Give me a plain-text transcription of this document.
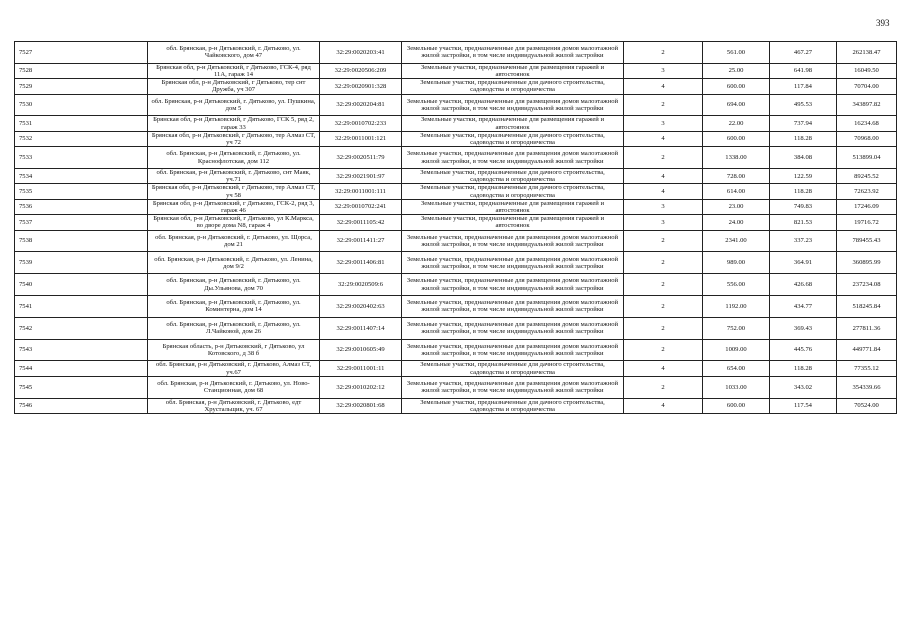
393
7527	обл. Брянская, р-н Дятьковский, г. Дятьково, ул. Чайковского, дом 47	32:29:0020203:41	Земельные участки, предназначенные для размещения домов малоэтажной жилой застройки, в том числе индивидуальной жилой застройки	2	561.00	467.27	262138.47
7528	Брянская обл, р-н Дятьковский, г Дятьково, ГСК-4, ряд 11А, гараж 14	32:29:0020506:209	Земельные участки, предназначенные для размещения гаражей и автостоянок	3	25.00	641.98	16049.50
7529	Брянская обл, р-н Дятьковский, г Дятьково, тер снт Дружба, уч 307	32:29:0020901:328	Земельные участки, предназначенные для дачного строительства, садоводства и огородничества	4	600.00	117.84	70704.00
7530	обл. Брянская, р-н Дятьковский, г. Дятьково, ул. Пушкина, дом 5	32:29:0020204:81	Земельные участки, предназначенные для размещения домов малоэтажной жилой застройки, в том числе индивидуальной жилой застройки	2	694.00	495.53	343897.82
7531	Брянская обл, р-н Дятьковский, г Дятьково, ГСК 5, ряд 2, гараж 33	32:29:0010702:233	Земельные участки, предназначенные для размещения гаражей и автостоянок	3	22.00	737.94	16234.68
7532	Брянская обл, р-н Дятьковский, г Дятьково, тер Алмаз СТ, уч 72	32:29:0011001:121	Земельные участки, предназначенные для дачного строительства, садоводства и огородничества	4	600.00	118.28	70968.00
7533	обл. Брянская, р-н Дятьковский, г. Дятьково, ул. Краснофлотская, дом 112	32:29:0020511:79	Земельные участки, предназначенные для размещения домов малоэтажной жилой застройки, в том числе индивидуальной жилой застройки	2	1338.00	384.08	513899.04
7534	обл. Брянская, р-н Дятьковский, г. Дятьково, снт Маяк, уч.71	32:29:0021901:97	Земельные участки, предназначенные для дачного строительства, садоводства и огородничества	4	728.00	122.59	89245.52
7535	Брянская обл, р-н Дятьковский, г Дятьково, тер Алмаз СТ, уч 58	32:29:0011001:111	Земельные участки, предназначенные для дачного строительства, садоводства и огородничества	4	614.00	118.28	72623.92
7536	Брянская обл, р-н Дятьковский, г Дятьково, ГСК-2, ряд 3, гараж 46	32:29:0010702:241	Земельные участки, предназначенные для размещения гаражей и автостоянок	3	23.00	749.83	17246.09
7537	Брянская обл, р-н Дятьковский, г Дятьково, ул К.Маркса, во дворе дома N8, гараж 4	32:29:0011105:42	Земельные участки, предназначенные для размещения гаражей и автостоянок	3	24.00	821.53	19716.72
7538	обл. Брянская, р-н Дятьковский, г. Дятьково, ул. Щорса, дом 21	32:29:0011411:27	Земельные участки, предназначенные для размещения домов малоэтажной жилой застройки, в том числе индивидуальной жилой застройки	2	2341.00	337.23	789455.43
7539	обл. Брянская, р-н Дятьковский, г. Дятьково, ул. Ленина, дом 9/2	32:29:0011406:81	Земельные участки, предназначенные для размещения домов малоэтажной жилой застройки, в том числе индивидуальной жилой застройки	2	989.00	364.91	360895.99
7540	обл. Брянская, р-н Дятьковский, г. Дятьково, ул. Ды.Ульянова, дом 70	32:29:0020509:6	Земельные участки, предназначенные для размещения домов малоэтажной жилой застройки, в том числе индивидуальной жилой застройки	2	556.00	426.68	237234.08
7541	обл. Брянская, р-н Дятьковский, г. Дятьково, ул. Коминтерна, дом 14	32:29:0020402:63	Земельные участки, предназначенные для размещения домов малоэтажной жилой застройки, в том числе индивидуальной жилой застройки	2	1192.00	434.77	518245.84
7542	обл. Брянская, р-н Дятьковский, г. Дятьково, ул. Л.Чайковой, дом 26	32:29:0011407:14	Земельные участки, предназначенные для размещения домов малоэтажной жилой застройки, в том числе индивидуальной жилой застройки	2	752.00	369.43	277811.36
7543	Брянская область, р-н Дятьковский, г Дятьково, ул Котовского, д 38 б	32:29:0010605:49	Земельные участки, предназначенные для размещения домов малоэтажной жилой застройки, в том числе индивидуальной жилой застройки	2	1009.00	445.76	449771.84
7544	обл. Брянская, р-н Дятьковский, г. Дятьково, Алмаз СТ, уч.67	32:29:0011001:11	Земельные участки, предназначенные для дачного строительства, садоводства и огородничества	4	654.00	118.28	77355.12
7545	обл. Брянская, р-н Дятьковский, г. Дятьково, ул. Ново-Станционная, дом 68	32:29:0010202:12	Земельные участки, предназначенные для размещения домов малоэтажной жилой застройки, в том числе индивидуальной жилой застройки	2	1033.00	343.02	354339.66
7546	обл. Брянская, р-н Дятьковский, г. Дятьково, едт Хрустальщик, уч. 67	32:29:0020801:68	Земельные участки, предназначенные для дачного строительства, садоводства и огородничества	4	600.00	117.54	70524.00
